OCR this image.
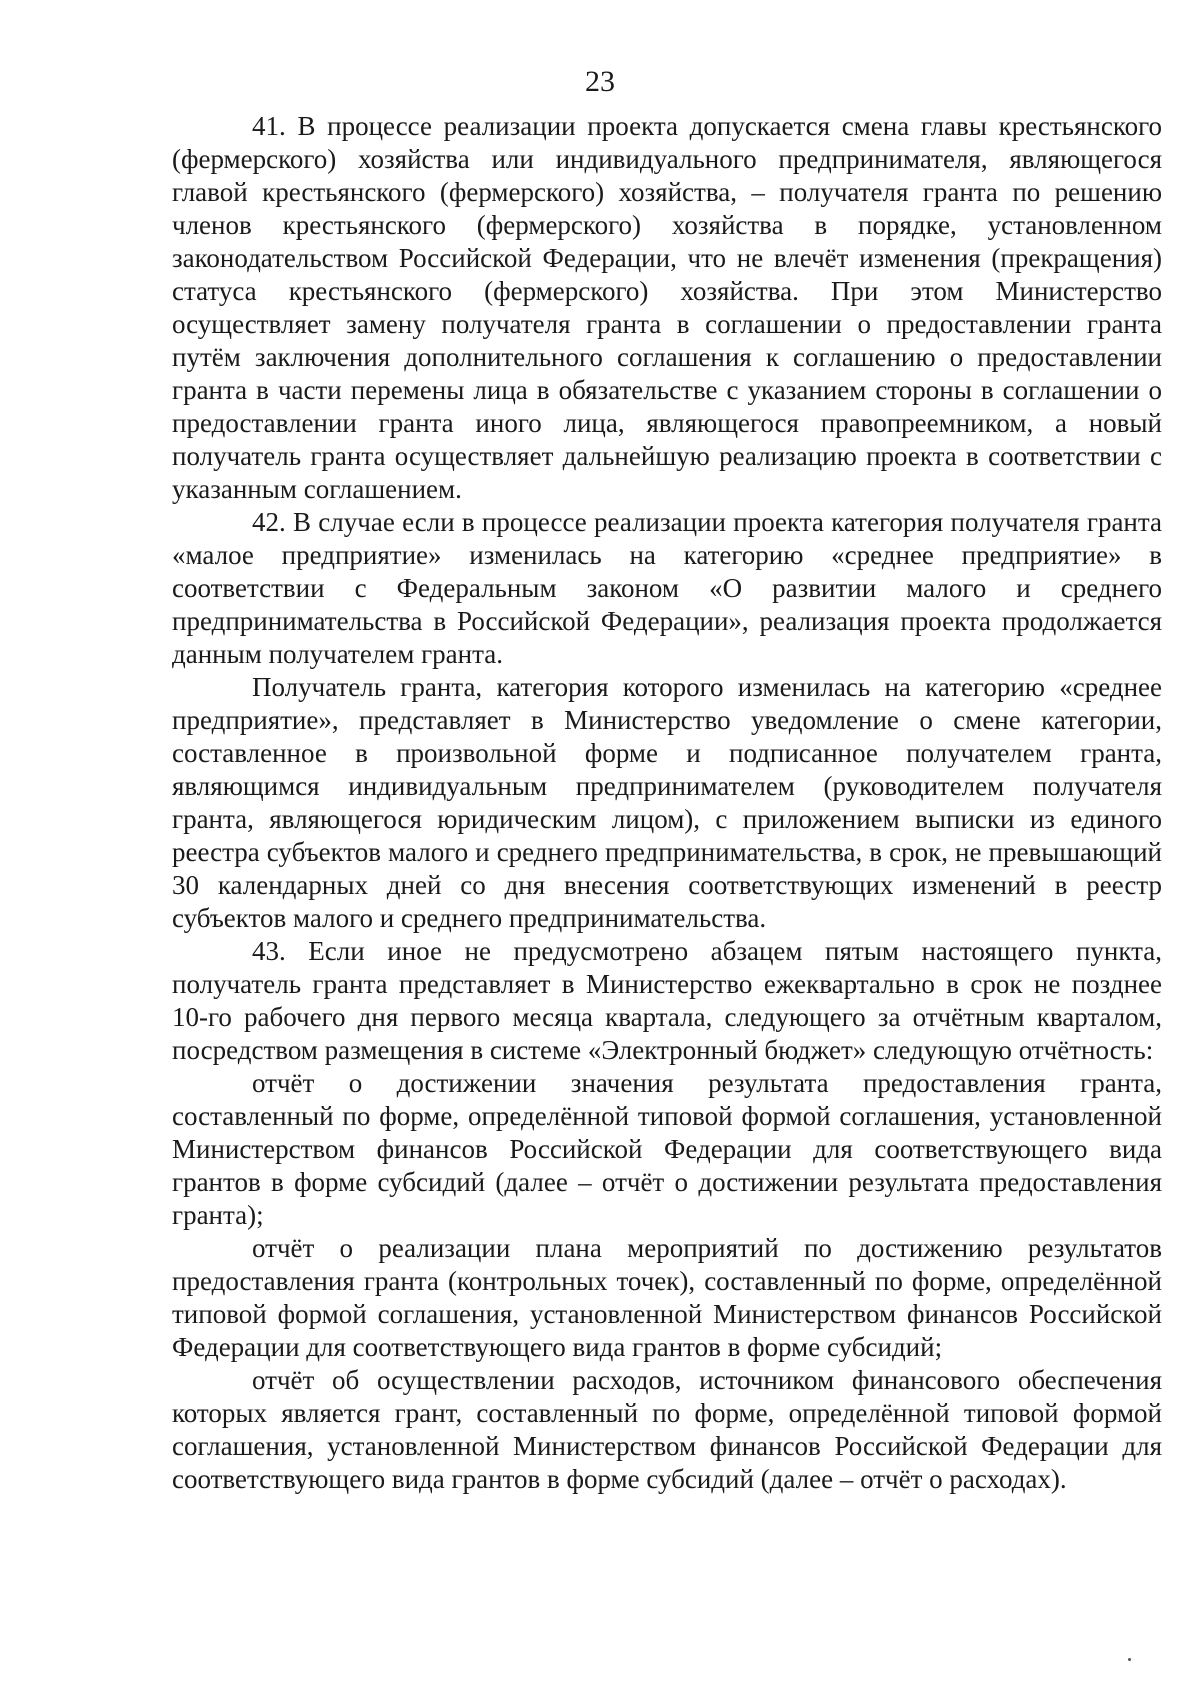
23

41. В процессе реализации проекта допускается смена главы крестьянского (фермерского) хозяйства или индивидуального предпринимателя, являющегося главой крестьянского (фермерского) хозяйства, – получателя гранта по решению членов крестьянского (фермерского) хозяйства в порядке, установленном законодательством Российской Федерации, что не влечёт изменения (прекращения) статуса крестьянского (фермерского) хозяйства. При этом Министерство осуществляет замену получателя гранта в соглашении о предоставлении гранта путём заключения дополнительного соглашения к соглашению о предоставлении гранта в части перемены лица в обязательстве с указанием стороны в соглашении о предоставлении гранта иного лица, являющегося правопреемником, а новый получатель гранта осуществляет дальнейшую реализацию проекта в соответствии с указанным соглашением.

42. В случае если в процессе реализации проекта категория получателя гранта «малое предприятие» изменилась на категорию «среднее предприятие» в соответствии с Федеральным законом «О развитии малого и среднего предпринимательства в Российской Федерации», реализация проекта продолжается данным получателем гранта.

Получатель гранта, категория которого изменилась на категорию «среднее предприятие», представляет в Министерство уведомление о смене категории, составленное в произвольной форме и подписанное получателем гранта, являющимся индивидуальным предпринимателем (руководителем получателя гранта, являющегося юридическим лицом), с приложением выписки из единого реестра субъектов малого и среднего предпринимательства, в срок, не превышающий 30 календарных дней со дня внесения соответствующих изменений в реестр субъектов малого и среднего предпринимательства.

43. Если иное не предусмотрено абзацем пятым настоящего пункта, получатель гранта представляет в Министерство ежеквартально в срок не позднее 10-го рабочего дня первого месяца квартала, следующего за отчётным кварталом, посредством размещения в системе «Электронный бюджет» следующую отчётность:

отчёт о достижении значения результата предоставления гранта, составленный по форме, определённой типовой формой соглашения, установленной Министерством финансов Российской Федерации для соответствующего вида грантов в форме субсидий (далее – отчёт о достижении результата предоставления гранта);

отчёт о реализации плана мероприятий по достижению результатов предоставления гранта (контрольных точек), составленный по форме, определённой типовой формой соглашения, установленной Министерством финансов Российской Федерации для соответствующего вида грантов в форме субсидий;

отчёт об осуществлении расходов, источником финансового обеспечения которых является грант, составленный по форме, определённой типовой формой соглашения, установленной Министерством финансов Российской Федерации для соответствующего вида грантов в форме субсидий (далее – отчёт о расходах).
